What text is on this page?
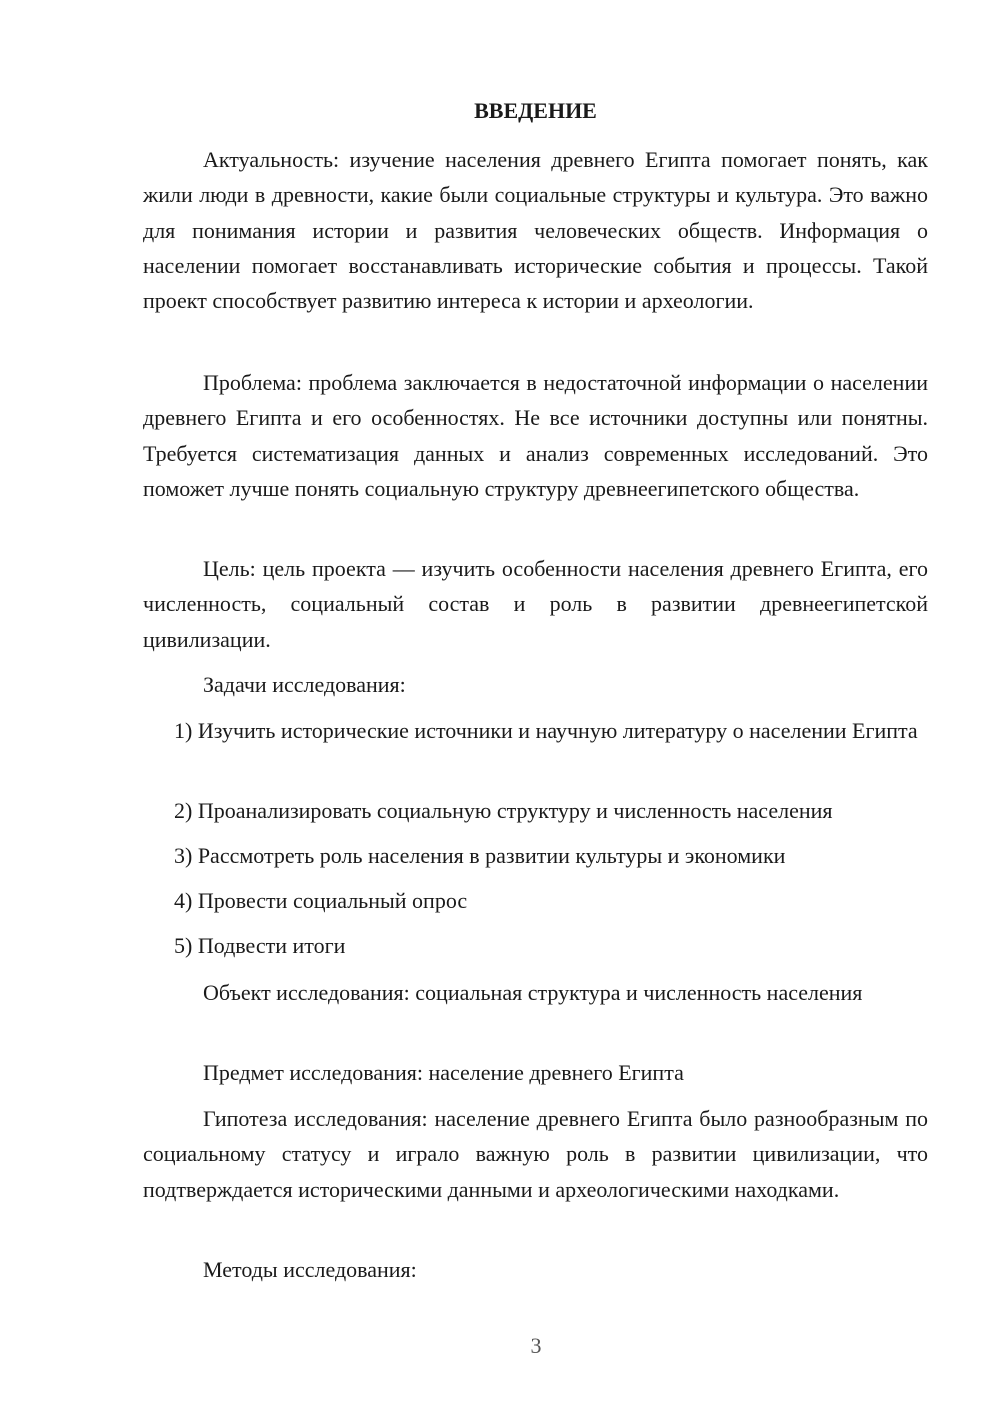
ВВЕДЕНИЕ

Актуальность: изучение населения древнего Египта помогает понять, как жили люди в древности, какие были социальные структуры и культура. Это важно для понимания истории и развития человеческих обществ. Информация о населении помогает восстанавливать исторические события и процессы. Такой проект способствует развитию интереса к истории и археологии.

Проблема: проблема заключается в недостаточной информации о населении древнего Египта и его особенностях. Не все источники доступны или понятны. Требуется систематизация данных и анализ современных исследований. Это поможет лучше понять социальную структуру древнеегипетского общества.

Цель: цель проекта — изучить особенности населения древнего Египта, его численность, социальный состав и роль в развитии древнеегипетской цивилизации.

Задачи исследования:

1) Изучить исторические источники и научную литературу о населении Египта

2) Проанализировать социальную структуру и численность населения

3) Рассмотреть роль населения в развитии культуры и экономики

4) Провести социальный опрос

5) Подвести итоги

Объект исследования: социальная структура и численность населения

Предмет исследования: население древнего Египта

Гипотеза исследования: население древнего Египта было разнообразным по социальному статусу и играло важную роль в развитии цивилизации, что подтверждается историческими данными и археологическими находками.

Методы исследования:

3
